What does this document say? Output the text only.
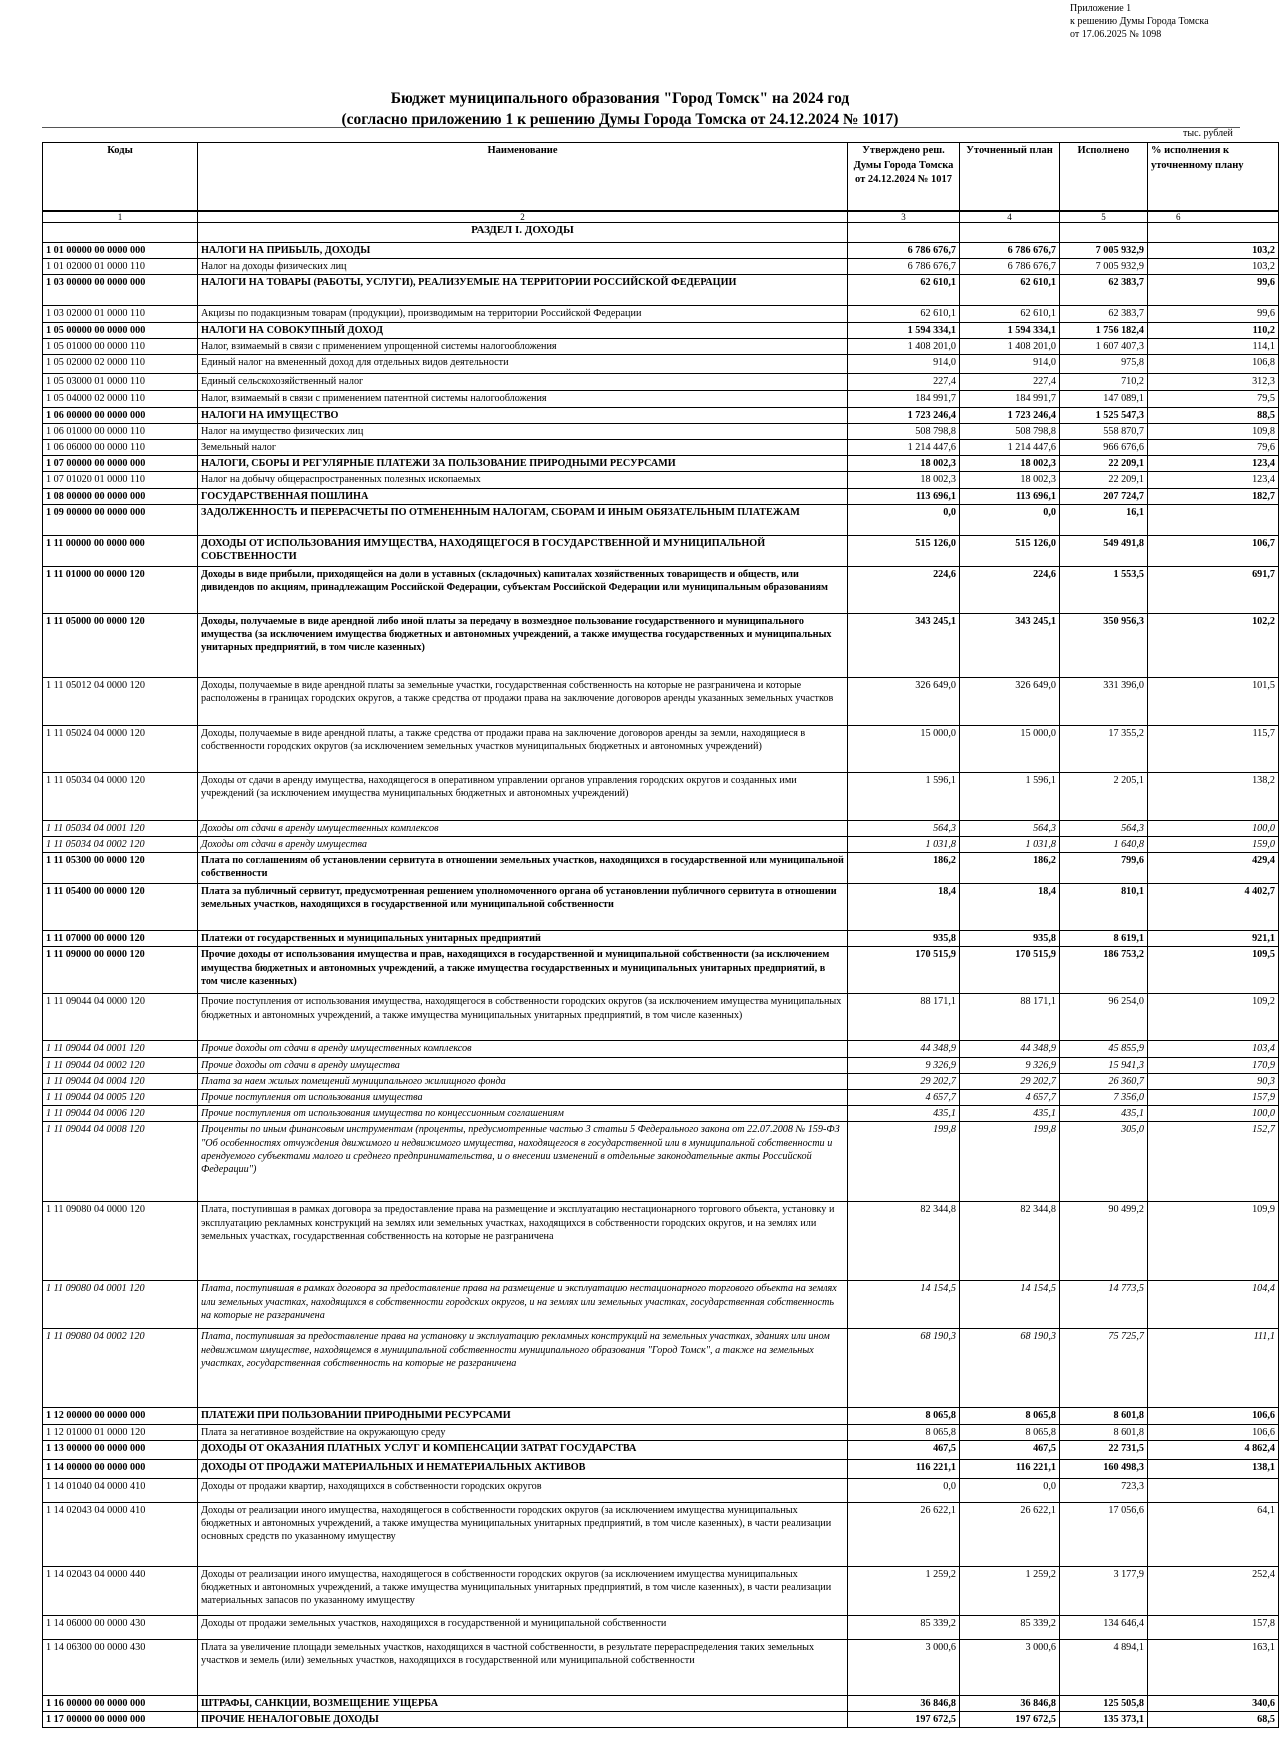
Приложение 1
к решению Думы Города Томска
от 17.06.2025 № 1098
Бюджет муниципального образования "Город Томск" на 2024 год
(согласно приложению 1 к решению Думы Города Томска от 24.12.2024 № 1017)
тыс. рублей
Коды	Наименование	Утверждено реш. Думы Города Томска от 24.12.2024 № 1017	Уточненный план	Исполнено	% исполнения к уточненному плану
1	2	3	4	5	6
	РАЗДЕЛ I. ДОХОДЫ				
1 01 00000 00 0000 000	НАЛОГИ НА ПРИБЫЛЬ, ДОХОДЫ	6 786 676,7	6 786 676,7	7 005 932,9	103,2
1 01 02000 01 0000 110	Налог на доходы физических лиц	6 786 676,7	6 786 676,7	7 005 932,9	103,2
1 03 00000 00 0000 000	НАЛОГИ НА ТОВАРЫ (РАБОТЫ, УСЛУГИ), РЕАЛИЗУЕМЫЕ НА ТЕРРИТОРИИ РОССИЙСКОЙ ФЕДЕРАЦИИ	62 610,1	62 610,1	62 383,7	99,6
1 03 02000 01 0000 110	Акцизы по подакцизным товарам (продукции), производимым на территории Российской Федерации	62 610,1	62 610,1	62 383,7	99,6
1 05 00000 00 0000 000	НАЛОГИ НА СОВОКУПНЫЙ ДОХОД	1 594 334,1	1 594 334,1	1 756 182,4	110,2
1 05 01000 00 0000 110	Налог, взимаемый в связи с применением упрощенной системы налогообложения	1 408 201,0	1 408 201,0	1 607 407,3	114,1
1 05 02000 02 0000 110	Единый налог на вмененный доход для отдельных видов деятельности	914,0	914,0	975,8	106,8
1 05 03000 01 0000 110	Единый сельскохозяйственный налог	227,4	227,4	710,2	312,3
1 05 04000 02 0000 110	Налог, взимаемый в связи с применением патентной системы налогообложения	184 991,7	184 991,7	147 089,1	79,5
1 06 00000 00 0000 000	НАЛОГИ НА ИМУЩЕСТВО	1 723 246,4	1 723 246,4	1 525 547,3	88,5
1 06 01000 00 0000 110	Налог на имущество физических лиц	508 798,8	508 798,8	558 870,7	109,8
1 06 06000 00 0000 110	Земельный налог	1 214 447,6	1 214 447,6	966 676,6	79,6
1 07 00000 00 0000 000	НАЛОГИ, СБОРЫ И РЕГУЛЯРНЫЕ ПЛАТЕЖИ ЗА ПОЛЬЗОВАНИЕ ПРИРОДНЫМИ РЕСУРСАМИ	18 002,3	18 002,3	22 209,1	123,4
1 07 01020 01 0000 110	Налог на добычу общераспространенных полезных ископаемых	18 002,3	18 002,3	22 209,1	123,4
1 08 00000 00 0000 000	ГОСУДАРСТВЕННАЯ ПОШЛИНА	113 696,1	113 696,1	207 724,7	182,7
1 09 00000 00 0000 000	ЗАДОЛЖЕННОСТЬ И ПЕРЕРАСЧЕТЫ ПО ОТМЕНЕННЫМ НАЛОГАМ, СБОРАМ И ИНЫМ ОБЯЗАТЕЛЬНЫМ ПЛАТЕЖАМ	0,0	0,0	16,1	
1 11 00000 00 0000 000	ДОХОДЫ ОТ ИСПОЛЬЗОВАНИЯ ИМУЩЕСТВА, НАХОДЯЩЕГОСЯ В ГОСУДАРСТВЕННОЙ И МУНИЦИПАЛЬНОЙ СОБСТВЕННОСТИ	515 126,0	515 126,0	549 491,8	106,7
1 11 01000 00 0000 120	Доходы в виде прибыли, приходящейся на доли в уставных (складочных) капиталах хозяйственных товариществ и обществ, или дивидендов по акциям, принадлежащим Российской Федерации, субъектам Российской Федерации или муниципальным образованиям	224,6	224,6	1 553,5	691,7
1 11 05000 00 0000 120	Доходы, получаемые в виде арендной либо иной платы за передачу в возмездное пользование государственного и муниципального имущества (за исключением имущества бюджетных и автономных учреждений, а также имущества государственных и муниципальных унитарных предприятий, в том числе казенных)	343 245,1	343 245,1	350 956,3	102,2
1 11 05012 04 0000 120	Доходы, получаемые в виде арендной платы за земельные участки, государственная собственность на которые не разграничена и которые расположены в границах городских округов, а также средства от продажи права на заключение договоров аренды указанных земельных участков	326 649,0	326 649,0	331 396,0	101,5
1 11 05024 04 0000 120	Доходы, получаемые в виде арендной платы, а также средства от продажи права на заключение договоров аренды за земли, находящиеся в собственности городских округов (за исключением земельных участков муниципальных бюджетных и автономных учреждений)	15 000,0	15 000,0	17 355,2	115,7
1 11 05034 04 0000 120	Доходы от сдачи в аренду имущества, находящегося в оперативном управлении органов управления городских округов и созданных ими учреждений (за исключением имущества муниципальных бюджетных и автономных учреждений)	1 596,1	1 596,1	2 205,1	138,2
1 11 05034 04 0001 120	Доходы от сдачи в аренду имущественных комплексов	564,3	564,3	564,3	100,0
1 11 05034 04 0002 120	Доходы от сдачи в аренду имущества	1 031,8	1 031,8	1 640,8	159,0
1 11 05300 00 0000 120	Плата по соглашениям об установлении сервитута в отношении земельных участков, находящихся в государственной или муниципальной собственности	186,2	186,2	799,6	429,4
1 11 05400 00 0000 120	Плата за публичный сервитут, предусмотренная решением уполномоченного органа об установлении публичного сервитута в отношении земельных участков, находящихся в государственной или муниципальной собственности	18,4	18,4	810,1	4 402,7
1 11 07000 00 0000 120	Платежи от государственных и муниципальных унитарных предприятий	935,8	935,8	8 619,1	921,1
1 11 09000 00 0000 120	Прочие доходы от использования имущества и прав, находящихся в государственной и муниципальной собственности (за исключением имущества бюджетных и автономных учреждений, а также имущества государственных и муниципальных унитарных предприятий, в том числе казенных)	170 515,9	170 515,9	186 753,2	109,5
1 11 09044 04 0000 120	Прочие поступления от использования имущества, находящегося в собственности городских округов (за исключением имущества муниципальных бюджетных и автономных учреждений, а также имущества муниципальных унитарных предприятий, в том числе казенных)	88 171,1	88 171,1	96 254,0	109,2
1 11 09044 04 0001 120	Прочие доходы от сдачи в аренду имущественных комплексов	44 348,9	44 348,9	45 855,9	103,4
1 11 09044 04 0002 120	Прочие доходы от сдачи в аренду имущества	9 326,9	9 326,9	15 941,3	170,9
1 11 09044 04 0004 120	Плата за наем жилых помещений муниципального жилищного фонда	29 202,7	29 202,7	26 360,7	90,3
1 11 09044 04 0005 120	Прочие поступления от использования имущества	4 657,7	4 657,7	7 356,0	157,9
1 11 09044 04 0006 120	Прочие поступления от использования имущества по концессионным соглашениям	435,1	435,1	435,1	100,0
1 11 09044 04 0008 120	Проценты по иным финансовым инструментам (проценты, предусмотренные частью 3 статьи 5 Федерального закона от 22.07.2008 № 159-ФЗ "Об особенностях отчуждения движимого и недвижимого имущества, находящегося в государственной или в муниципальной собственности и арендуемого субъектами малого и среднего предпринимательства, и о внесении изменений в отдельные законодательные акты Российской Федерации")	199,8	199,8	305,0	152,7
1 11 09080 04 0000 120	Плата, поступившая в рамках договора за предоставление права на размещение и эксплуатацию нестационарного торгового объекта, установку и эксплуатацию рекламных конструкций на землях или земельных участках, находящихся в собственности городских округов, и на землях или земельных участках, государственная собственность на которые не разграничена	82 344,8	82 344,8	90 499,2	109,9
1 11 09080 04 0001 120	Плата, поступившая в рамках договора за предоставление права на размещение и эксплуатацию нестационарного торгового объекта на землях или земельных участках, находящихся в собственности городских округов, и на землях или земельных участках, государственная собственность на которые не разграничена	14 154,5	14 154,5	14 773,5	104,4
1 11 09080 04 0002 120	Плата, поступившая за предоставление права на установку и эксплуатацию рекламных конструкций на земельных участках, зданиях или ином недвижимом имуществе, находящемся в муниципальной собственности муниципального образования "Город Томск", а также на земельных участках, государственная собственность на которые не разграничена	68 190,3	68 190,3	75 725,7	111,1
1 12 00000 00 0000 000	ПЛАТЕЖИ ПРИ ПОЛЬЗОВАНИИ ПРИРОДНЫМИ РЕСУРСАМИ	8 065,8	8 065,8	8 601,8	106,6
1 12 01000 01 0000 120	Плата за негативное воздействие на окружающую среду	8 065,8	8 065,8	8 601,8	106,6
1 13 00000 00 0000 000	ДОХОДЫ ОТ ОКАЗАНИЯ ПЛАТНЫХ УСЛУГ И КОМПЕНСАЦИИ ЗАТРАТ ГОСУДАРСТВА	467,5	467,5	22 731,5	4 862,4
1 14 00000 00 0000 000	ДОХОДЫ ОТ ПРОДАЖИ МАТЕРИАЛЬНЫХ И НЕМАТЕРИАЛЬНЫХ АКТИВОВ	116 221,1	116 221,1	160 498,3	138,1
1 14 01040 04 0000 410	Доходы от продажи квартир, находящихся в собственности городских округов	0,0	0,0	723,3	
1 14 02043 04 0000 410	Доходы от реализации иного имущества, находящегося в собственности городских округов (за исключением имущества муниципальных бюджетных и автономных учреждений, а также имущества муниципальных унитарных предприятий, в том числе казенных), в части реализации основных средств по указанному имуществу	26 622,1	26 622,1	17 056,6	64,1
1 14 02043 04 0000 440	Доходы от реализации иного имущества, находящегося в собственности городских округов (за исключением имущества муниципальных бюджетных и автономных учреждений, а также имущества муниципальных унитарных предприятий, в том числе казенных), в части реализации материальных запасов по указанному имуществу	1 259,2	1 259,2	3 177,9	252,4
1 14 06000 00 0000 430	Доходы от продажи земельных участков, находящихся в государственной и муниципальной собственности	85 339,2	85 339,2	134 646,4	157,8
1 14 06300 00 0000 430	Плата за увеличение площади земельных участков, находящихся в частной собственности, в результате перераспределения таких земельных участков и земель (или) земельных участков, находящихся в государственной или муниципальной собственности	3 000,6	3 000,6	4 894,1	163,1
1 16 00000 00 0000 000	ШТРАФЫ, САНКЦИИ, ВОЗМЕЩЕНИЕ УЩЕРБА	36 846,8	36 846,8	125 505,8	340,6
1 17 00000 00 0000 000	ПРОЧИЕ НЕНАЛОГОВЫЕ ДОХОДЫ	197 672,5	197 672,5	135 373,1	68,5
